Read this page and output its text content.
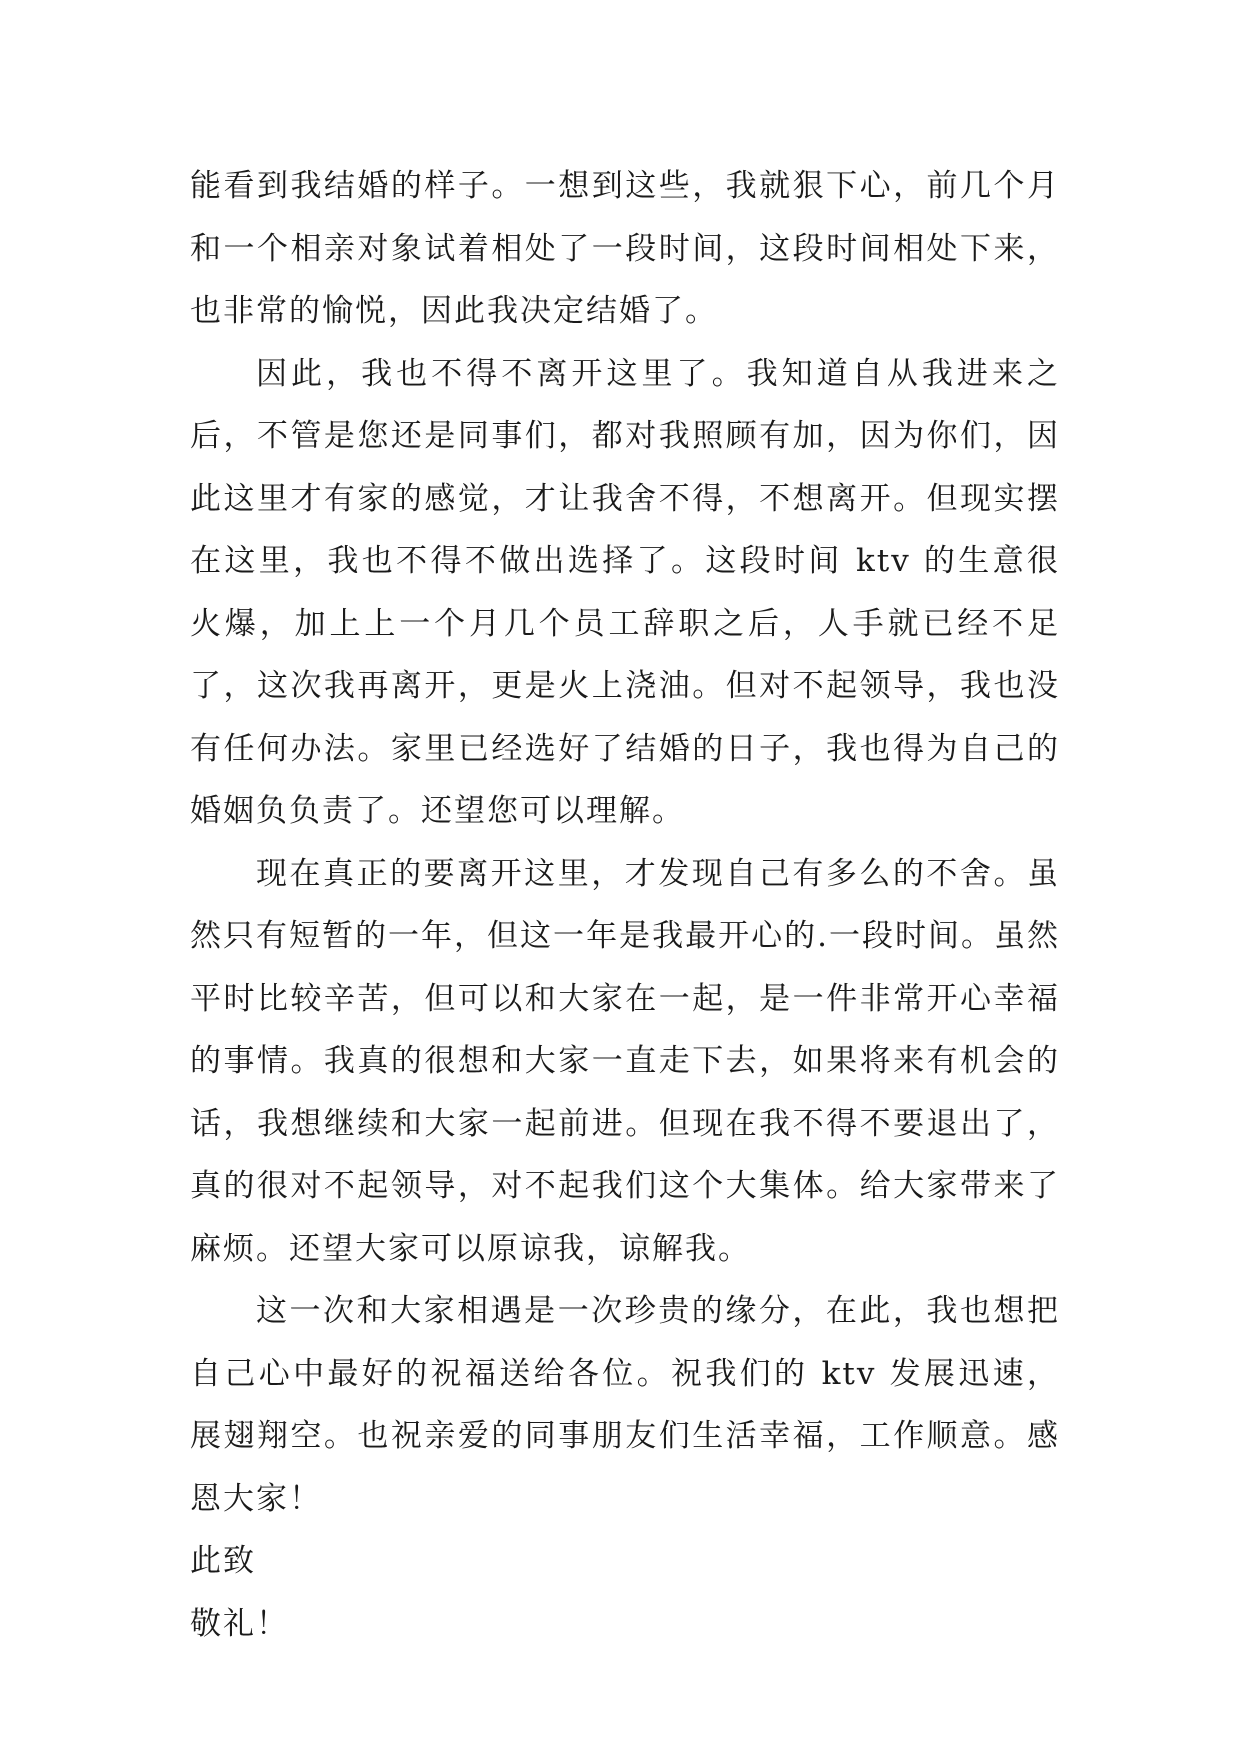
能看到我结婚的样子。一想到这些，我就狠下心，前几个月和一个相亲对象试着相处了一段时间，这段时间相处下来，也非常的愉悦，因此我决定结婚了。

因此，我也不得不离开这里了。我知道自从我进来之后，不管是您还是同事们，都对我照顾有加，因为你们，因此这里才有家的感觉，才让我舍不得，不想离开。但现实摆在这里，我也不得不做出选择了。这段时间 ktv 的生意很火爆，加上上一个月几个员工辞职之后，人手就已经不足了，这次我再离开，更是火上浇油。但对不起领导，我也没有任何办法。家里已经选好了结婚的日子，我也得为自己的婚姻负负责了。还望您可以理解。

现在真正的要离开这里，才发现自己有多么的不舍。虽然只有短暂的一年，但这一年是我最开心的.一段时间。虽然平时比较辛苦，但可以和大家在一起，是一件非常开心幸福的事情。我真的很想和大家一直走下去，如果将来有机会的话，我想继续和大家一起前进。但现在我不得不要退出了，真的很对不起领导，对不起我们这个大集体。给大家带来了麻烦。还望大家可以原谅我，谅解我。

这一次和大家相遇是一次珍贵的缘分，在此，我也想把自己心中最好的祝福送给各位。祝我们的 ktv 发展迅速，展翅翔空。也祝亲爱的同事朋友们生活幸福，工作顺意。感恩大家！

此致

敬礼！
